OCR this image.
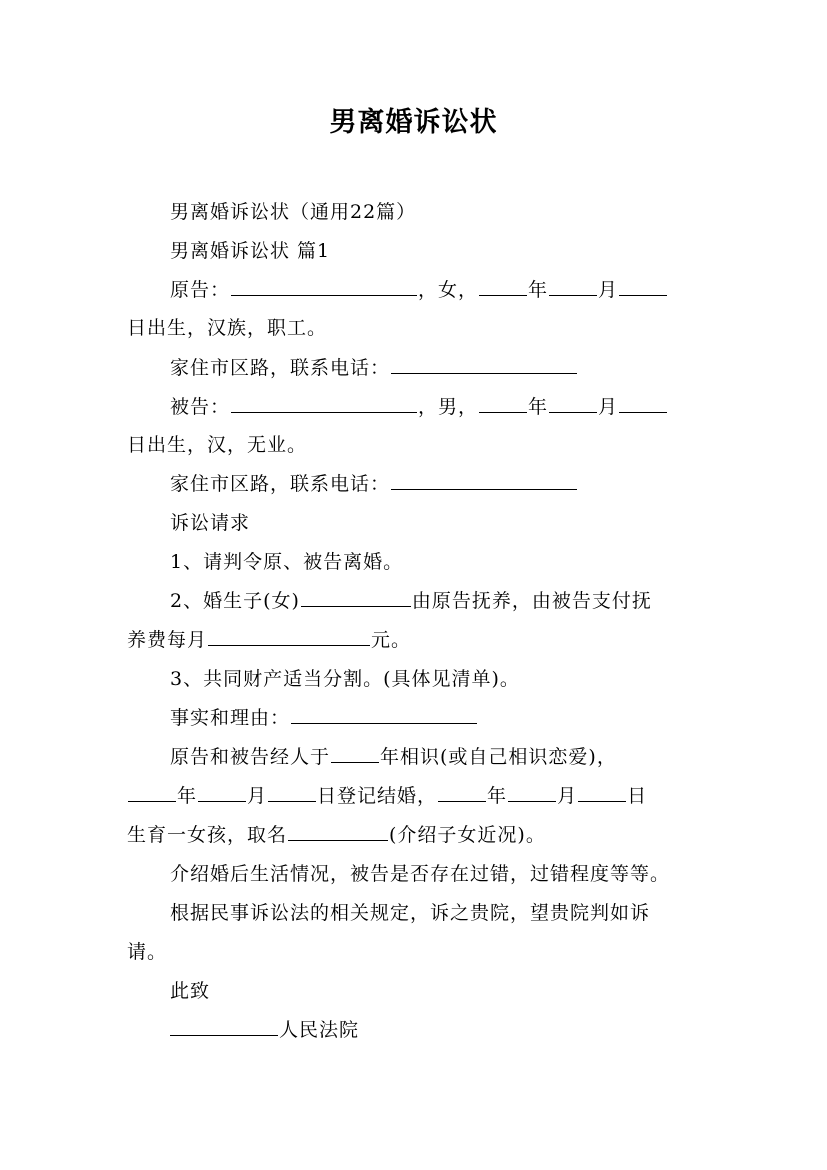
男离婚诉讼状
男离婚诉讼状（通用22篇）
男离婚诉讼状 篇1
原告：	，女，	年	月
日出生，汉族，职工。
家住市区路，联系电话：
被告：	，男，	年	月
日出生，汉，无业。
家住市区路，联系电话：
诉讼请求
1、请判令原、被告离婚。
2、婚生子(女)	由原告抚养，由被告支付抚
养费每月	元。
3、共同财产适当分割。(具体见清单)。
事实和理由：
原告和被告经人于	年相识(或自己相识恋爱)，
年	月	日登记结婚，	年	月	日
生育一女孩，取名	(介绍子女近况)。
介绍婚后生活情况，被告是否存在过错，过错程度等等。
根据民事诉讼法的相关规定，诉之贵院，望贵院判如诉
请。
此致
人民法院
